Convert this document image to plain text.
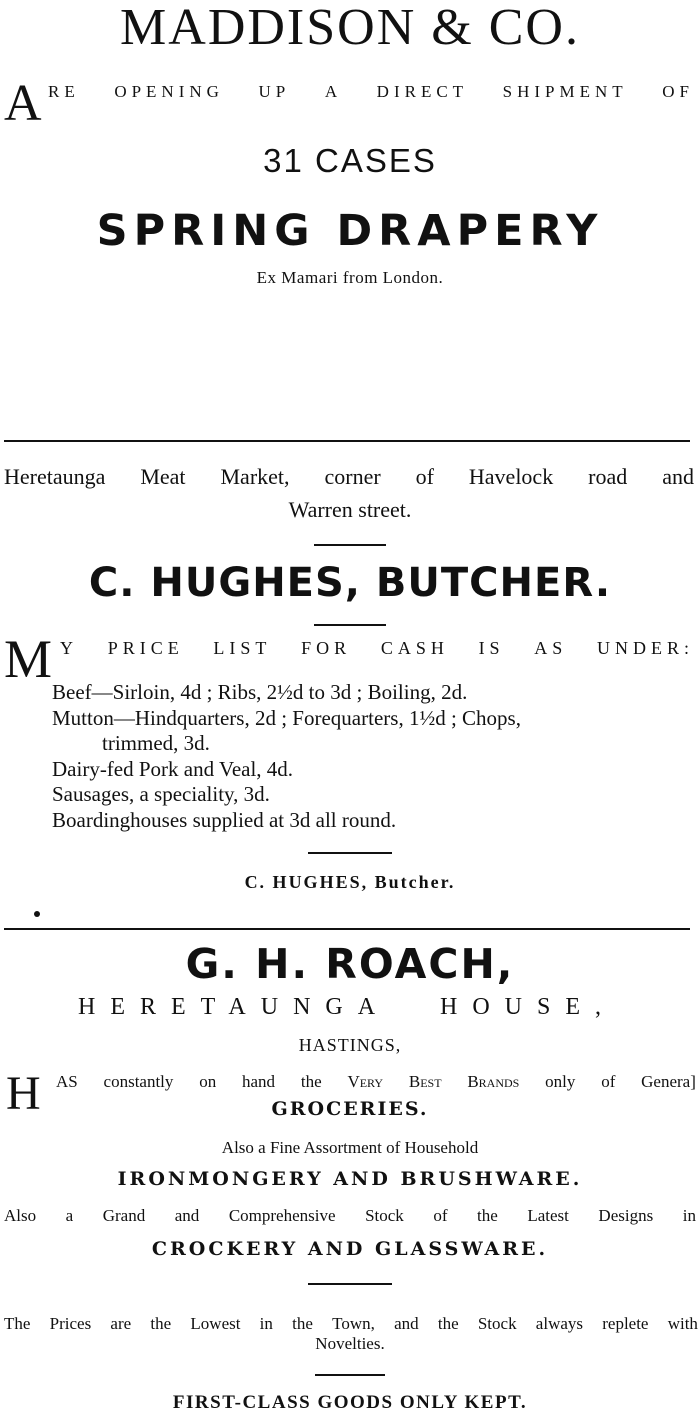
MADDISON & CO.
A RE OPENING UP A DIRECT SHIPMENT OF
31 CASES
SPRING DRAPERY
Ex Mamari from London.
Heretaunga Meat Market, corner of Havelock road and
Warren street.
C. HUGHES, BUTCHER.
M Y PRICE LIST FOR CASH IS AS UNDER:
Beef—Sirloin, 4d ; Ribs, 2½d to 3d ; Boiling, 2d.
Mutton—Hindquarters, 2d ; Forequarters, 1½d ; Chops,
trimmed, 3d.
Dairy-fed Pork and Veal, 4d.
Sausages, a speciality, 3d.
Boardinghouses supplied at 3d all round.
C. HUGHES, Butcher.
G. H. ROACH,
HERETAUNGA HOUSE,
HASTINGS,
H AS constantly on hand the Very Best Brands only of Genera]
GROCERIES.
Also a Fine Assortment of Household
IRONMONGERY AND BRUSHWARE.
Also a Grand and Comprehensive Stock of the Latest Designs in
CROCKERY AND GLASSWARE.
The Prices are the Lowest in the Town, and the Stock always replete with
Novelties.
FIRST-CLASS GOODS ONLY KEPT.
